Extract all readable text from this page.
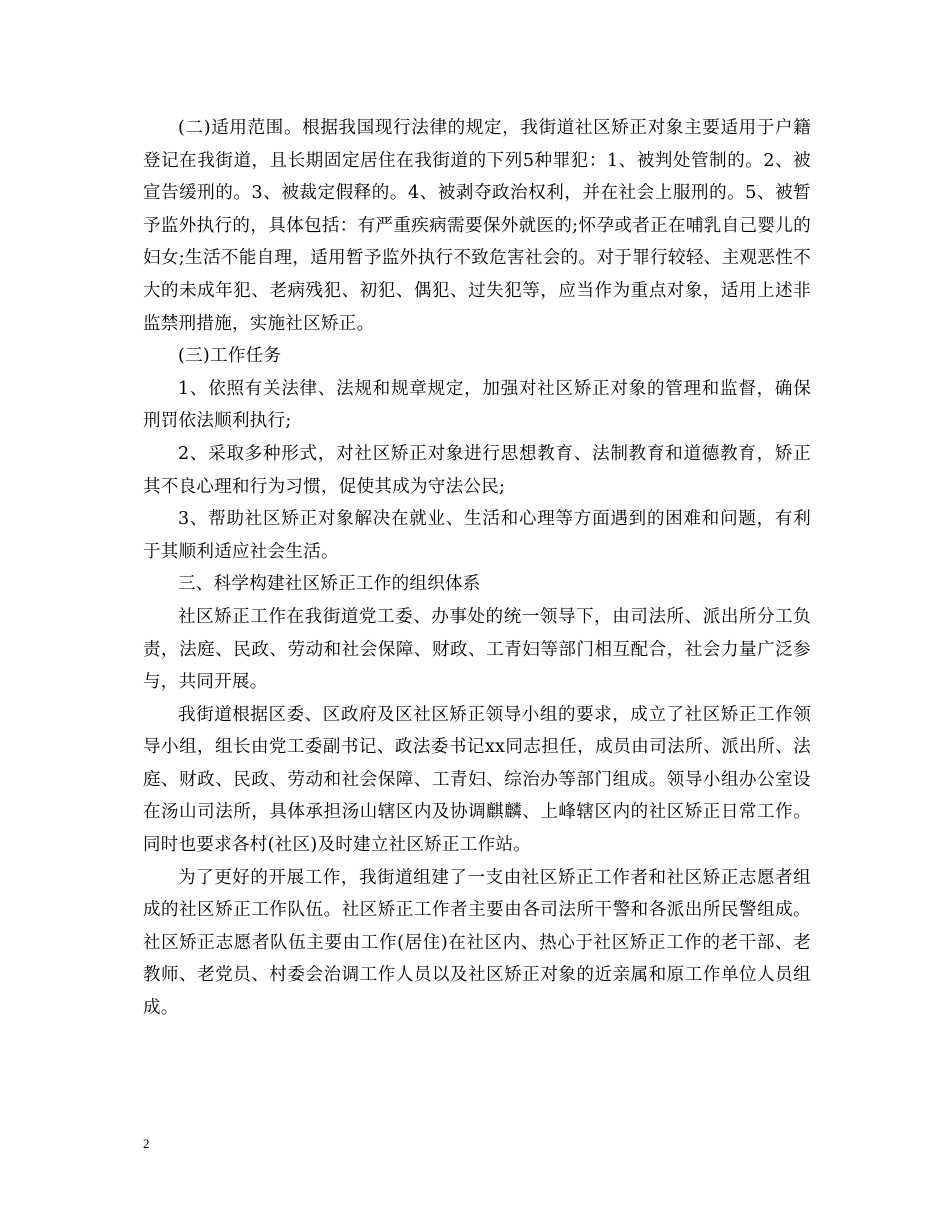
(二)适用范围。根据我国现行法律的规定，我街道社区矫正对象主要适用于户籍登记在我街道，且长期固定居住在我街道的下列5种罪犯：1、被判处管制的。2、被宣告缓刑的。3、被裁定假释的。4、被剥夺政治权利，并在社会上服刑的。5、被暂予监外执行的，具体包括：有严重疾病需要保外就医的;怀孕或者正在哺乳自己婴儿的妇女;生活不能自理，适用暂予监外执行不致危害社会的。对于罪行较轻、主观恶性不大的未成年犯、老病残犯、初犯、偶犯、过失犯等，应当作为重点对象，适用上述非监禁刑措施，实施社区矫正。

(三)工作任务

1、依照有关法律、法规和规章规定，加强对社区矫正对象的管理和监督，确保刑罚依法顺利执行;

2、采取多种形式，对社区矫正对象进行思想教育、法制教育和道德教育，矫正其不良心理和行为习惯，促使其成为守法公民;

3、帮助社区矫正对象解决在就业、生活和心理等方面遇到的困难和问题，有利于其顺利适应社会生活。

三、科学构建社区矫正工作的组织体系

社区矫正工作在我街道党工委、办事处的统一领导下，由司法所、派出所分工负责，法庭、民政、劳动和社会保障、财政、工青妇等部门相互配合，社会力量广泛参与，共同开展。

我街道根据区委、区政府及区社区矫正领导小组的要求，成立了社区矫正工作领导小组，组长由党工委副书记、政法委书记xx同志担任，成员由司法所、派出所、法庭、财政、民政、劳动和社会保障、工青妇、综治办等部门组成。领导小组办公室设在汤山司法所，具体承担汤山辖区内及协调麒麟、上峰辖区内的社区矫正日常工作。同时也要求各村(社区)及时建立社区矫正工作站。

为了更好的开展工作，我街道组建了一支由社区矫正工作者和社区矫正志愿者组成的社区矫正工作队伍。社区矫正工作者主要由各司法所干警和各派出所民警组成。社区矫正志愿者队伍主要由工作(居住)在社区内、热心于社区矫正工作的老干部、老教师、老党员、村委会治调工作人员以及社区矫正对象的近亲属和原工作单位人员组成。

2
